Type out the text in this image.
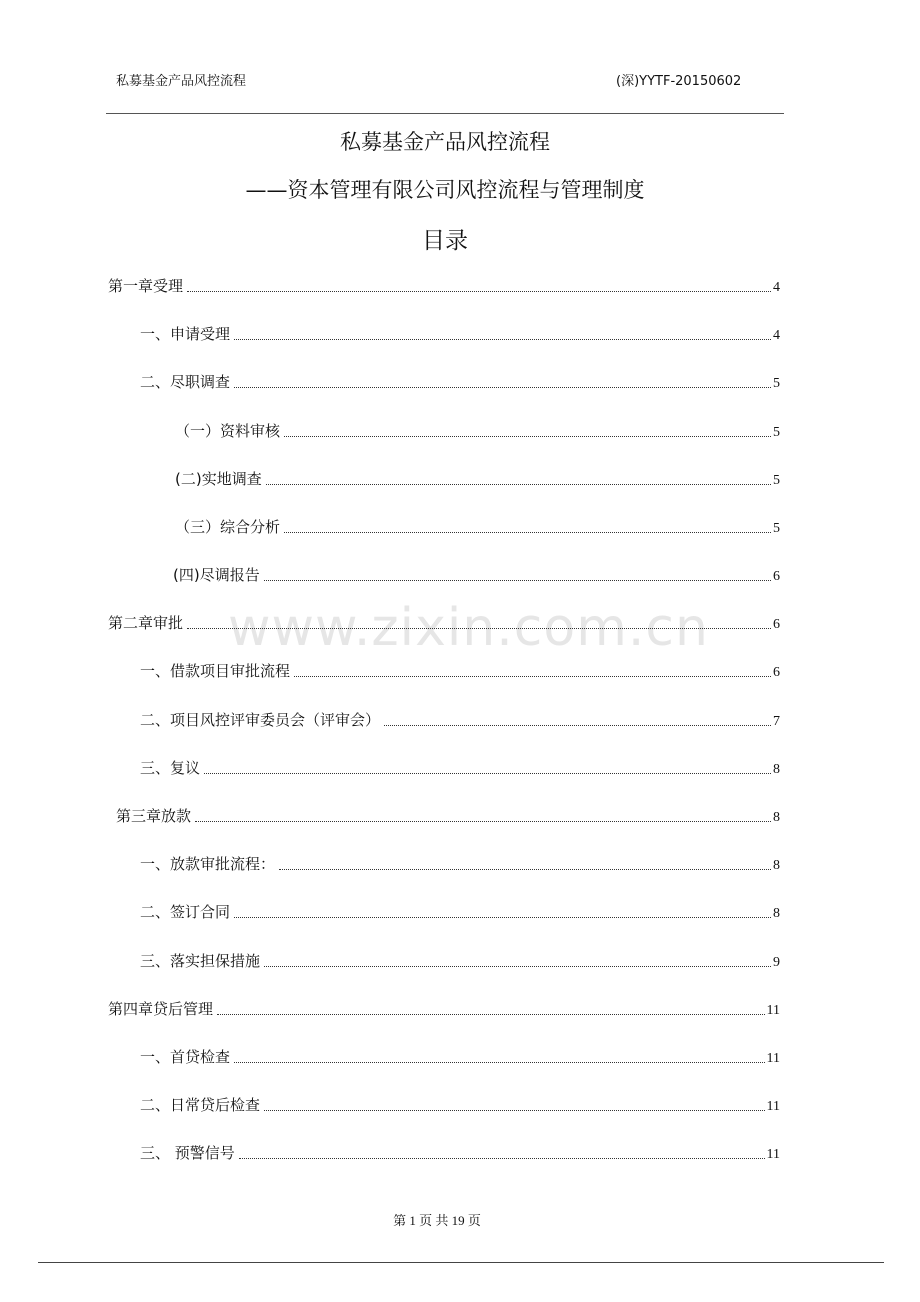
私募基金产品风控流程	(深)YYTF-20150602
私募基金产品风控流程
——资本管理有限公司风控流程与管理制度
目录
www.zixin.com.cn
第一章受理	4
一、申请受理	4
二、尽职调查	5
（一）资料审核	5
(二)实地调查	5
（三）综合分析	5
(四)尽调报告	6
第二章审批	6
一、借款项目审批流程	6
二、项目风控评审委员会（评审会）	7
三、复议	8
第三章放款	8
一、放款审批流程：	8
二、签订合同	8
三、落实担保措施	9
第四章贷后管理	11
一、首贷检查	11
二、日常贷后检查	11
三、 预警信号	11
第 1 页 共 19 页
